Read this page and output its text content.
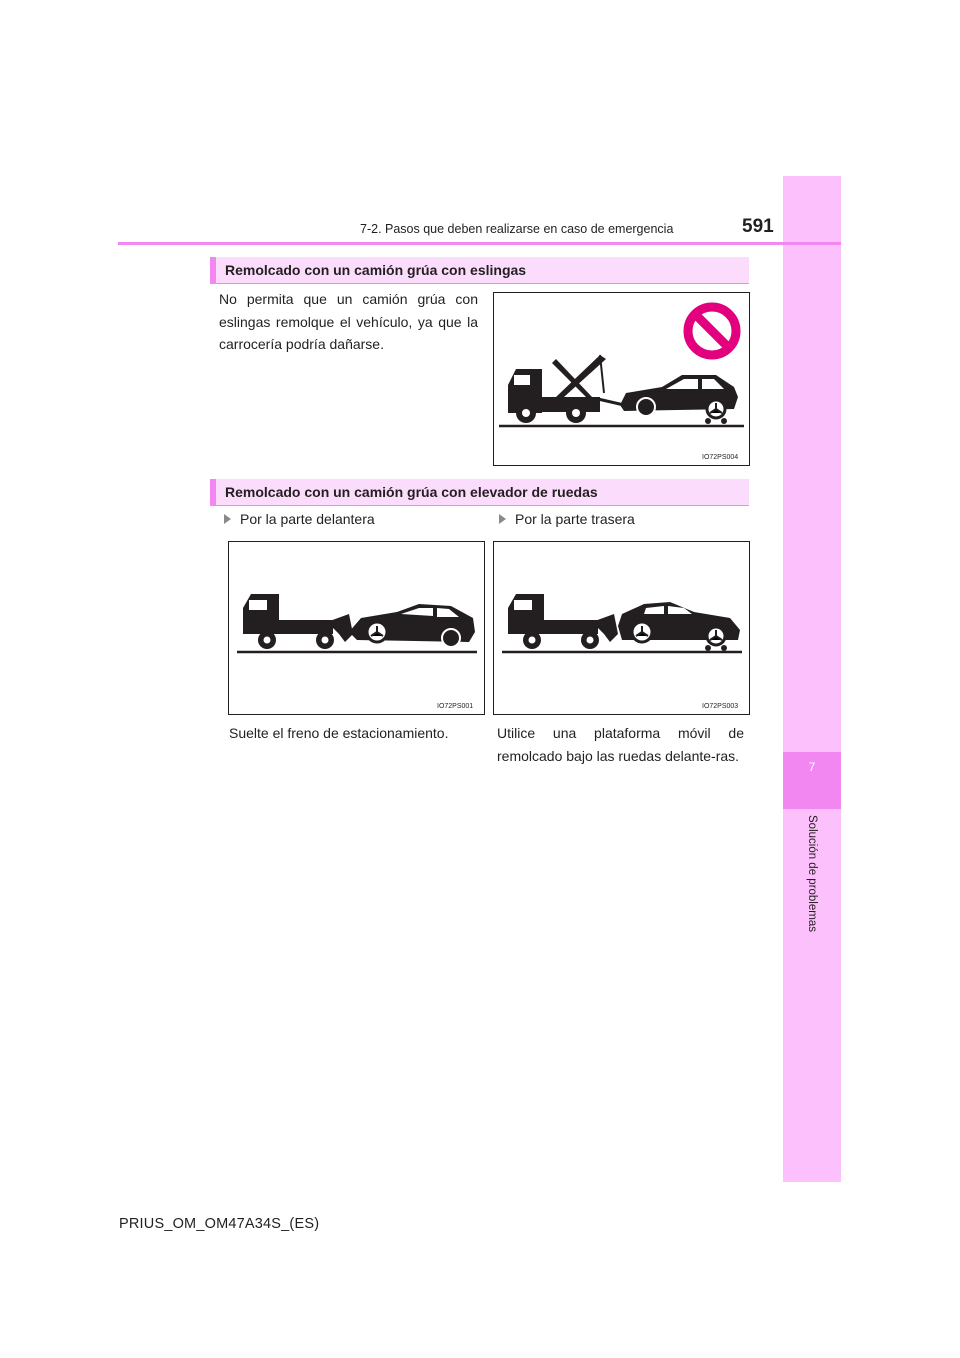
7
Solución de problemas
7-2. Pasos que deben realizarse en caso de emergencia	591
Remolcado con un camión grúa con eslingas
No permita que un camión grúa con eslingas remolque el vehículo, ya que la carrocería podría dañarse.
IO72PS004
Remolcado con un camión grúa con elevador de ruedas
Por la parte delantera	Por la parte trasera
IO72PS001	IO72PS003
Suelte el freno de estacionamiento.	Utilice una plataforma móvil de remolcado bajo las ruedas delante-ras.
PRIUS_OM_OM47A34S_(ES)
